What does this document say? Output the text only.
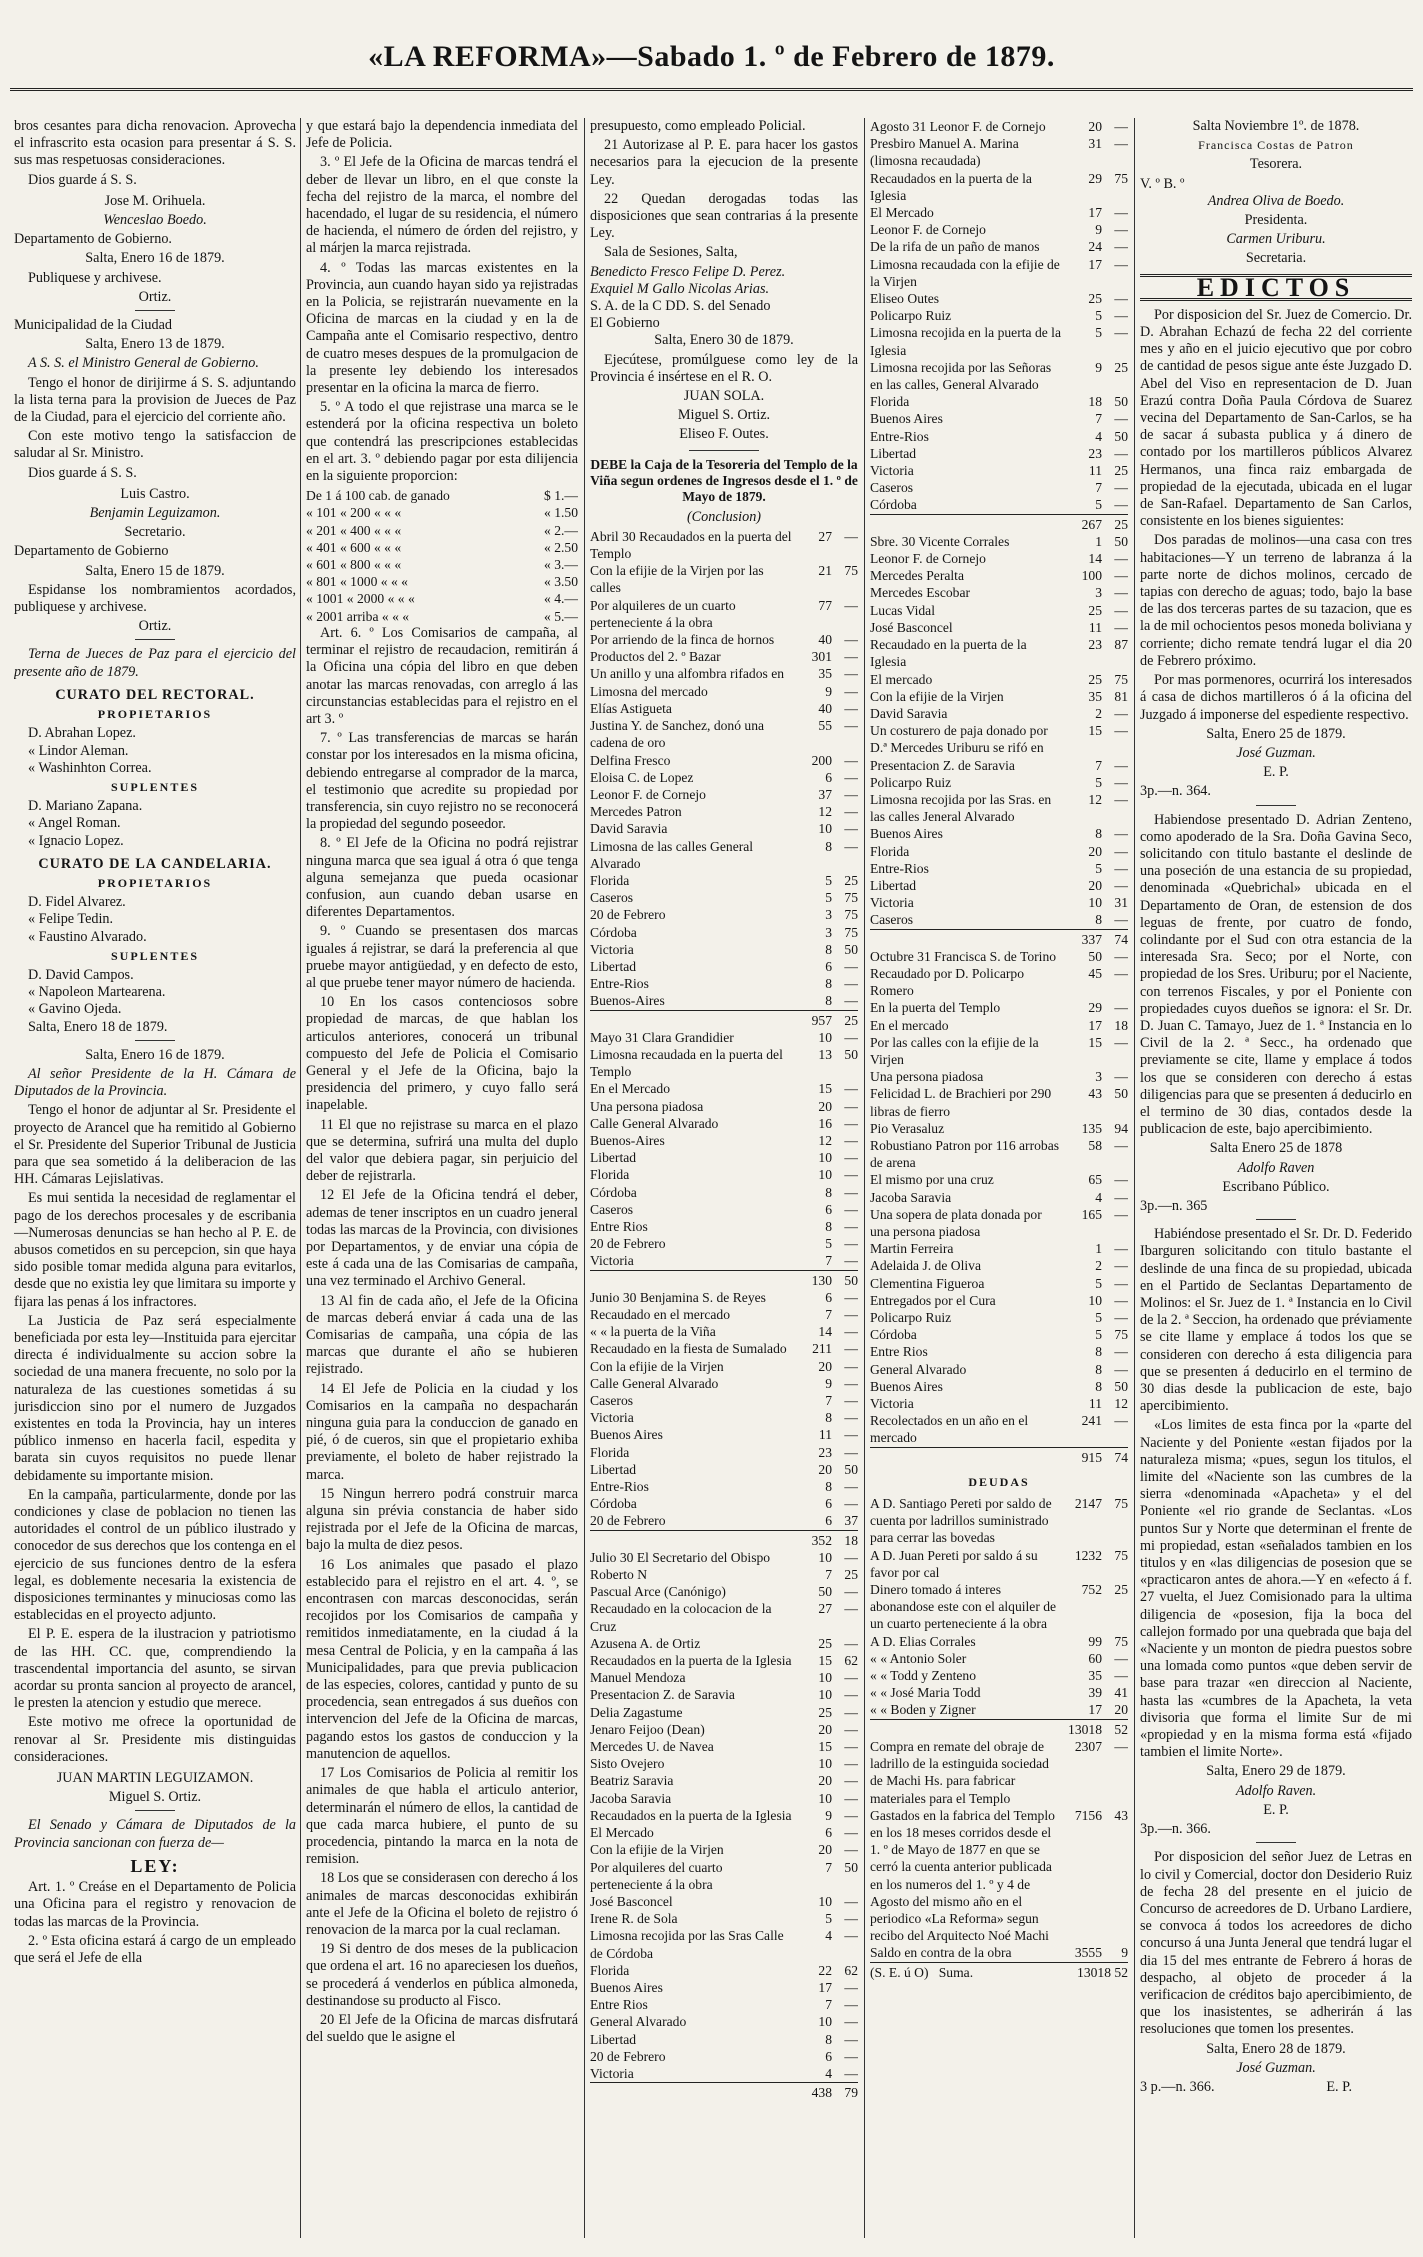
«LA REFORMA»—Sabado 1. º de Febrero de 1879.

bros cesantes para dicha renovacion. Aprovecha el infrascrito esta ocasion para presentar á S. S. sus mas respetuosas consideraciones.

Dios guarde á S. S.

Jose M. Orihuela.
Wenceslao Boedo.

Departamento de Gobierno.

Salta, Enero 16 de 1879.

Publiquese y archivese.

Ortiz.

Municipalidad de la Ciudad

Salta, Enero 13 de 1879.

A S. S. el Ministro General de Gobierno.

Tengo el honor de dirijirme á S. S. adjuntando la lista terna para la provision de Jueces de Paz de la Ciudad, para el ejercicio del corriente año.

Con este motivo tengo la satisfaccion de saludar al Sr. Ministro.

Dios guarde á S. S.

Luis Castro.
Benjamin Leguizamon.
Secretario.

Departamento de Gobierno

Salta, Enero 15 de 1879.

Espidanse los nombramientos acordados, publiquese y archivese.

Ortiz.

Terna de Jueces de Paz para el ejercicio del presente año de 1879.

CURATO DEL RECTORAL.
PROPIETARIOS
D. Abrahan Lopez.
« Lindor Aleman.
« Washinhton Correa.
SUPLENTES
D. Mariano Zapana.
« Angel Roman.
« Ignacio Lopez.
CURATO DE LA CANDELARIA.
PROPIETARIOS
D. Fidel Alvarez.
« Felipe Tedin.
« Faustino Alvarado.
SUPLENTES
D. David Campos.
« Napoleon Martearena.
« Gavino Ojeda.
Salta, Enero 18 de 1879.
Salta, Enero 16 de 1879.

Al señor Presidente de la H. Cámara de Diputados de la Provincia.

Tengo el honor de adjuntar al Sr. Presidente el proyecto de Arancel que ha remitido al Gobierno el Sr. Presidente del Superior Tribunal de Justicia para que sea sometido á la deliberacion de las HH. Cámaras Lejislativas.

Es mui sentida la necesidad de reglamentar el pago de los derechos procesales y de escribania—Numerosas denuncias se han hecho al P. E. de abusos cometidos en su percepcion, sin que haya sido posible tomar medida alguna para evitarlos, desde que no existia ley que limitara su importe y fijara las penas á los infractores.

La Justicia de Paz será especialmente beneficiada por esta ley—Instituida para ejercitar directa é individualmente su accion sobre la sociedad de una manera frecuente, no solo por la naturaleza de las cuestiones sometidas á su jurisdiccion sino por el numero de Juzgados existentes en toda la Provincia, hay un interes público inmenso en hacerla facil, espedita y barata sin cuyos requisitos no puede llenar debidamente su importante mision.

En la campaña, particularmente, donde por las condiciones y clase de poblacion no tienen las autoridades el control de un público ilustrado y conocedor de sus derechos que los contenga en el ejercicio de sus funciones dentro de la esfera legal, es doblemente necesaria la existencia de disposiciones terminantes y minuciosas como las establecidas en el proyecto adjunto.

El P. E. espera de la ilustracion y patriotismo de las HH. CC. que, comprendiendo la trascendental importancia del asunto, se sirvan acordar su pronta sancion al proyecto de arancel, le presten la atencion y estudio que merece.

Este motivo me ofrece la oportunidad de renovar al Sr. Presidente mis distinguidas consideraciones.

JUAN MARTIN LEGUIZAMON.
Miguel S. Ortiz.

El Senado y Cámara de Diputados de la Provincia sancionan con fuerza de—

LEY:

Art. 1. º Creáse en el Departamento de Policia una Oficina para el registro y renovacion de todas las marcas de la Provincia.

2. º Esta oficina estará á cargo de un empleado que será el Jefe de ella

y que estará bajo la dependencia inmediata del Jefe de Policia.

3. º El Jefe de la Oficina de marcas tendrá el deber de llevar un libro, en el que conste la fecha del rejistro de la marca, el nombre del hacendado, el lugar de su residencia, el número de hacienda, el número de órden del rejistro, y al márjen la marca rejistrada.

4. º Todas las marcas existentes en la Provincia, aun cuando hayan sido ya rejistradas en la Policia, se rejistrarán nuevamente en la Oficina de marcas en la ciudad y en la de Campaña ante el Comisario respectivo, dentro de cuatro meses despues de la promulgacion de la presente ley debiendo los interesados presentar en la oficina la marca de fierro.

5. º A todo el que rejistrase una marca se le estenderá por la oficina respectiva un boleto que contendrá las prescripciones establecidas en el art. 3. º debiendo pagar por esta dilijencia en la siguiente proporcion:

De 1 á 100 cab. de ganado	$ 1.—
« 101 « 200 « « «	« 1.50
« 201 « 400 « « «	« 2.—
« 401 « 600 « « «	« 2.50
« 601 « 800 « « «	« 3.—
« 801 « 1000 « « «	« 3.50
« 1001 « 2000 « « «	« 4.—
« 2001 arriba « « «	« 5.—

Art. 6. º Los Comisarios de campaña, al terminar el rejistro de recaudacion, remitirán á la Oficina una cópia del libro en que deben anotar las marcas renovadas, con arreglo á las circunstancias establecidas para el rejistro en el art 3. º

7. º Las transferencias de marcas se harán constar por los interesados en la misma oficina, debiendo entregarse al comprador de la marca, el testimonio que acredite su propiedad por transferencia, sin cuyo rejistro no se reconocerá la propiedad del segundo poseedor.

8. º El Jefe de la Oficina no podrá rejistrar ninguna marca que sea igual á otra ó que tenga alguna semejanza que pueda ocasionar confusion, aun cuando deban usarse en diferentes Departamentos.

9. º Cuando se presentasen dos marcas iguales á rejistrar, se dará la preferencia al que pruebe mayor antigüedad, y en defecto de esto, al que pruebe tener mayor número de hacienda.

10 En los casos contenciosos sobre propiedad de marcas, de que hablan los articulos anteriores, conocerá un tribunal compuesto del Jefe de Policia el Comisario General y el Jefe de la Oficina, bajo la presidencia del primero, y cuyo fallo será inapelable.

11 El que no rejistrase su marca en el plazo que se determina, sufrirá una multa del duplo del valor que debiera pagar, sin perjuicio del deber de rejistrarla.

12 El Jefe de la Oficina tendrá el deber, ademas de tener inscriptos en un cuadro jeneral todas las marcas de la Provincia, con divisiones por Departamentos, y de enviar una cópia de este á cada una de las Comisarias de campaña, una vez terminado el Archivo General.

13 Al fin de cada año, el Jefe de la Oficina de marcas deberá enviar á cada una de las Comisarias de campaña, una cópia de las marcas que durante el año se hubieren rejistrado.

14 El Jefe de Policia en la ciudad y los Comisarios en la campaña no despacharán ninguna guia para la conduccion de ganado en pié, ó de cueros, sin que el propietario exhiba previamente, el boleto de haber rejistrado la marca.

15 Ningun herrero podrá construir marca alguna sin prévia constancia de haber sido rejistrada por el Jefe de la Oficina de marcas, bajo la multa de diez pesos.

16 Los animales que pasado el plazo establecido para el rejistro en el art. 4. º, se encontrasen con marcas desconocidas, serán recojidos por los Comisarios de campaña y remitidos inmediatamente, en la ciudad á la mesa Central de Policia, y en la campaña á las Municipalidades, para que previa publicacion de las especies, colores, cantidad y punto de su procedencia, sean entregados á sus dueños con intervencion del Jefe de la Oficina de marcas, pagando estos los gastos de conduccion y la manutencion de aquellos.

17 Los Comisarios de Policia al remitir los animales de que habla el articulo anterior, determinarán el número de ellos, la cantidad de que cada marca hubiere, el punto de su procedencia, pintando la marca en la nota de remision.

18 Los que se considerasen con derecho á los animales de marcas desconocidas exhibirán ante el Jefe de la Oficina el boleto de rejistro ó renovacion de la marca por la cual reclaman.

19 Si dentro de dos meses de la publicacion que ordena el art. 16 no apareciesen los dueños, se procederá á venderlos en pública almoneda, destinandose su producto al Fisco.

20 El Jefe de la Oficina de marcas disfrutará del sueldo que le asigne el

presupuesto, como empleado Policial.

21 Autorizase al P. E. para hacer los gastos necesarios para la ejecucion de la presente Ley.

22 Quedan derogadas todas las disposiciones que sean contrarias á la presente Ley.

Sala de Sesiones, Salta,

Benedicto Fresco Felipe D. Perez.
Exquiel M Gallo Nicolas Arias.
S. A. de la C DD. S. del Senado
El Gobierno
Salta, Enero 30 de 1879.

Ejecútese, promúlguese como ley de la Provincia é insértese en el R. O.

JUAN SOLA.
Miguel S. Ortiz.
Eliseo F. Outes.
DEBE la Caja de la Tesoreria del Templo de la Viña segun ordenes de Ingresos desde el 1. º de Mayo de 1879.
(Conclusion)
Abril 30 Recaudados en la puerta del Templo	27	—
Con la efijie de la Virjen por las calles	21	75
Por alquileres de un cuarto perteneciente á la obra	77	—
Por arriendo de la finca de hornos	40	—
Productos del 2. º Bazar	301	—
Un anillo y una alfombra rifados en	35	—
Limosna del mercado	9	—
Elías Astigueta	40	—
Justina Y. de Sanchez, donó una cadena de oro	55	—
Delfina Fresco	200	—
Eloisa C. de Lopez	6	—
Leonor F. de Cornejo	37	—
Mercedes Patron	12	—
David Saravia	10	—
Limosna de las calles General Alvarado	8	—
Florida	5	25
Caseros	5	75
20 de Febrero	3	75
Córdoba	3	75
Victoria	8	50
Libertad	6	—
Entre-Rios	8	—
Buenos-Aires	8	—
	957	25
Mayo 31 Clara Grandidier	10	—
Limosna recaudada en la puerta del Templo	13	50
En el Mercado	15	—
Una persona piadosa	20	—
Calle General Alvarado	16	—
Buenos-Aires	12	—
Libertad	10	—
Florida	10	—
Córdoba	8	—
Caseros	6	—
Entre Rios	8	—
20 de Febrero	5	—
Victoria	7	—
	130	50
Junio 30 Benjamina S. de Reyes	6	—
Recaudado en el mercado	7	—
« « la puerta de la Viña	14	—
Recaudado en la fiesta de Sumalado	211	—
Con la efijie de la Virjen	20	—
Calle General Alvarado	9	—
Caseros	7	—
Victoria	8	—
Buenos Aires	11	—
Florida	23	—
Libertad	20	50
Entre-Rios	8	—
Córdoba	6	—
20 de Febrero	6	37
	352	18
Julio 30 El Secretario del Obispo	10	—
Roberto N	7	25
Pascual Arce (Canónigo)	50	—
Recaudado en la colocacion de la Cruz	27	—
Azusena A. de Ortiz	25	—
Recaudados en la puerta de la Iglesia	15	62
Manuel Mendoza	10	—
Presentacion Z. de Saravia	10	—
Delia Zagastume	25	—
Jenaro Feijoo (Dean)	20	—
Mercedes U. de Navea	15	—
Sisto Ovejero	10	—
Beatriz Saravia	20	—
Jacoba Saravia	10	—
Recaudados en la puerta de la Iglesia	9	—
El Mercado	6	—
Con la efijie de la Virjen	20	—
Por alquileres del cuarto perteneciente á la obra	7	50
José Basconcel	10	—
Irene R. de Sola	5	—
Limosna recojida por las Sras Calle de Córdoba	4	—
Florida	22	62
Buenos Aires	17	—
Entre Rios	7	—
General Alvarado	10	—
Libertad	8	—
20 de Febrero	6	—
Victoria	4	—
	438	79
Agosto 31 Leonor F. de Cornejo	20	—
Presbiro Manuel A. Marina (limosna recaudada)	31	—
Recaudados en la puerta de la Iglesia	29	75
El Mercado	17	—
Leonor F. de Cornejo	9	—
De la rifa de un paño de manos	24	—
Limosna recaudada con la efijie de la Virjen	17	—
Eliseo Outes	25	—
Policarpo Ruiz	5	—
Limosna recojida en la puerta de la Iglesia	5	—
Limosna recojida por las Señoras en las calles, General Alvarado	9	25
Florida	18	50
Buenos Aires	7	—
Entre-Rios	4	50
Libertad	23	—
Victoria	11	25
Caseros	7	—
Córdoba	5	—
	267	25
Sbre. 30 Vicente Corrales	1	50
Leonor F. de Cornejo	14	—
Mercedes Peralta	100	—
Mercedes Escobar	3	—
Lucas Vidal	25	—
José Basconcel	11	—
Recaudado en la puerta de la Iglesia	23	87
El mercado	25	75
Con la efijie de la Virjen	35	81
David Saravia	2	—
Un costurero de paja donado por D.ª Mercedes Uriburu se rifó en	15	—
Presentacion Z. de Saravia	7	—
Policarpo Ruiz	5	—
Limosna recojida por las Sras. en las calles Jeneral Alvarado	12	—
Buenos Aires	8	—
Florida	20	—
Entre-Rios	5	—
Libertad	20	—
Victoria	10	31
Caseros	8	—
	337	74
Octubre 31 Francisca S. de Torino	50	—
Recaudado por D. Policarpo Romero	45	—
En la puerta del Templo	29	—
En el mercado	17	18
Por las calles con la efijie de la Virjen	15	—
Una persona piadosa	3	—
Felicidad L. de Brachieri por 290 libras de fierro	43	50
Pio Verasaluz	135	94
Robustiano Patron por 116 arrobas de arena	58	—
El mismo por una cruz	65	—
Jacoba Saravia	4	—
Una sopera de plata donada por una persona piadosa	165	—
Martin Ferreira	1	—
Adelaida J. de Oliva	2	—
Clementina Figueroa	5	—
Entregados por el Cura	10	—
Policarpo Ruiz	5	—
Córdoba	5	75
Entre Rios	8	—
General Alvarado	8	—
Buenos Aires	8	50
Victoria	11	12
Recolectados en un año en el mercado	241	—
	915	74
DEUDAS
A D. Santiago Pereti por saldo de cuenta por ladrillos suministrado para cerrar las bovedas	2147	75
A D. Juan Pereti por saldo á su favor por cal	1232	75
Dinero tomado á interes abonandose este con el alquiler de un cuarto perteneciente á la obra	752	25
A D. Elias Corrales	99	75
« « Antonio Soler	60	—
« « Todd y Zenteno	35	—
« « José Maria Todd	39	41
« « Boden y Zigner	17	20
	13018	52
Compra en remate del obraje de ladrillo de la estinguida sociedad de Machi Hs. para fabricar materiales para el Templo	2307	—
Gastados en la fabrica del Templo en los 18 meses corridos desde el 1. º de Mayo de 1877 en que se cerró la cuenta anterior publicada en los numeros del 1. º y 4 de Agosto del mismo año en el periodico «La Reforma» segun recibo del Arquitecto Noé Machi	7156	43
Saldo en contra de la obra	3555	9
(S. E. ú O) Suma.	13018 52	
Salta Noviembre 1º. de 1878.
Francisca Costas de Patron
Tesorera.
V. º B. º
Andrea Oliva de Boedo.
Presidenta.
Carmen Uriburu.
Secretaria.
EDICTOS

Por disposicion del Sr. Juez de Comercio. Dr. D. Abrahan Echazú de fecha 22 del corriente mes y año en el juicio ejecutivo que por cobro de cantidad de pesos sigue ante éste Juzgado D. Abel del Viso en representacion de D. Juan Erazú contra Doña Paula Córdova de Suarez vecina del Departamento de San-Carlos, se ha de sacar á subasta publica y á dinero de contado por los martilleros públicos Alvarez Hermanos, una finca raiz embargada de propiedad de la ejecutada, ubicada en el lugar de San-Rafael. Departamento de San Carlos, consistente en los bienes siguientes:

Dos paradas de molinos—una casa con tres habitaciones—Y un terreno de labranza á la parte norte de dichos molinos, cercado de tapias con derecho de aguas; todo, bajo la base de las dos terceras partes de su tazacion, que es la de mil ochocientos pesos moneda boliviana y corriente; dicho remate tendrá lugar el dia 20 de Febrero próximo.

Por mas pormenores, ocurrirá los interesados á casa de dichos martilleros ó á la oficina del Juzgado á imponerse del espediente respectivo.

Salta, Enero 25 de 1879.
José Guzman.
E. P.
3p.—n. 364.

Habiendose presentado D. Adrian Zenteno, como apoderado de la Sra. Doña Gavina Seco, solicitando con titulo bastante el deslinde de una poseción de una estancia de su propiedad, denominada «Quebrichal» ubicada en el Departamento de Oran, de estension de dos leguas de frente, por cuatro de fondo, colindante por el Sud con otra estancia de la interesada Sra. Seco; por el Norte, con propiedad de los Sres. Uriburu; por el Naciente, con terrenos Fiscales, y por el Poniente con propiedades cuyos dueños se ignora: el Sr. Dr. D. Juan C. Tamayo, Juez de 1. ª Instancia en lo Civil de la 2. ª Secc., ha ordenado que previamente se cite, llame y emplace á todos los que se consideren con derecho á estas diligencias para que se presenten á deducirlo en el termino de 30 dias, contados desde la publicacion de este, bajo apercibimiento.

Salta Enero 25 de 1878
Adolfo Raven
Escribano Público.
3p.—n. 365

Habiéndose presentado el Sr. Dr. D. Federido Ibarguren solicitando con titulo bastante el deslinde de una finca de su propiedad, ubicada en el Partido de Seclantas Departamento de Molinos: el Sr. Juez de 1. ª Instancia en lo Civil de la 2. ª Seccion, ha ordenado que préviamente se cite llame y emplace á todos los que se consideren con derecho á esta diligencia para que se presenten á deducirlo en el termino de 30 dias desde la publicacion de este, bajo apercibimiento.

«Los limites de esta finca por la «parte del Naciente y del Poniente «estan fijados por la naturaleza misma; «pues, segun los titulos, el limite del «Naciente son las cumbres de la sierra «denominada «Apacheta» y el del Poniente «el rio grande de Seclantas. «Los puntos Sur y Norte que determinan el frente de mi propiedad, estan «señalados tambien en los titulos y en «las diligencias de posesion que se «practicaron antes de ahora.—Y en «efecto á f. 27 vuelta, el Juez Comisionado para la ultima diligencia de «posesion, fija la boca del callejon formado por una quebrada que baja del «Naciente y un monton de piedra puestos sobre una lomada como puntos «que deben servir de base para trazar «en direccion al Naciente, hasta las «cumbres de la Apacheta, la veta divisoria que forma el limite Sur de mi «propiedad y en la misma forma está «fijado tambien el limite Norte».

Salta, Enero 29 de 1879.
Adolfo Raven.
E. P.
3p.—n. 366.

Por disposicion del señor Juez de Letras en lo civil y Comercial, doctor don Desiderio Ruiz de fecha 28 del presente en el juicio de Concurso de acreedores de D. Urbano Lardiere, se convoca á todos los acreedores de dicho concurso á una Junta Jeneral que tendrá lugar el dia 15 del mes entrante de Febrero á horas de despacho, al objeto de proceder á la verificacion de créditos bajo apercibimiento, de que los inasistentes, se adherirán á las resoluciones que tomen los presentes.

Salta, Enero 28 de 1879.
José Guzman.
3 p.—n. 366.	E. P.
